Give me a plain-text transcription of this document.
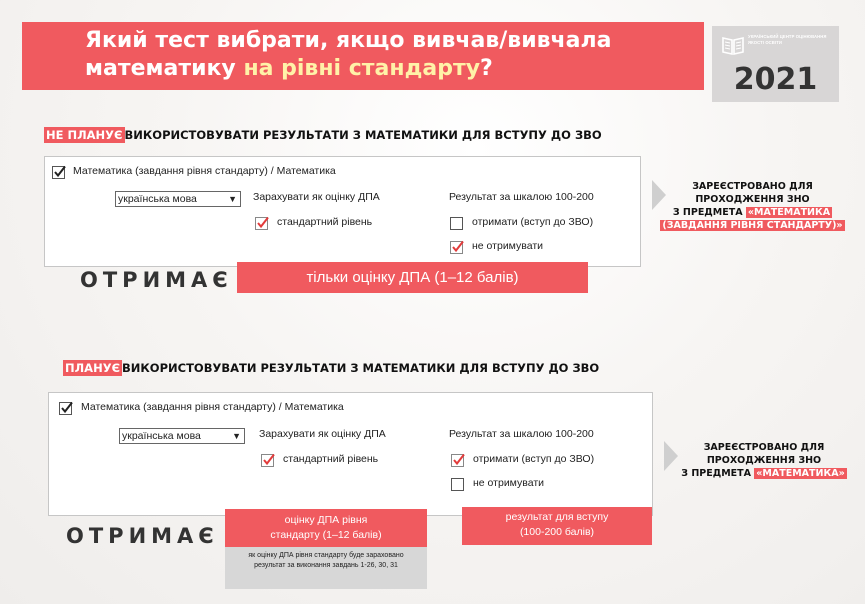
Який тест вибрати, якщо вивчав/вивчала
математику на рівні стандарту?
УКРАЇНСЬКИЙ ЦЕНТР ОЦІНЮВАННЯ ЯКОСТІ ОСВІТИ
2021
НЕ ПЛАНУЄ ВИКОРИСТОВУВАТИ РЕЗУЛЬТАТИ З МАТЕМАТИКИ ДЛЯ ВСТУПУ ДО ЗВО
Математика (завдання рівня стандарту) / Математика
українська мова	▼ Зарахувати як оцінку ДПА
стандартний рівень
Результат за шкалою 100-200
отримати (вступ до ЗВО)
не отримувати
ОТРИМАЄ	тільки оцінку ДПА (1–12 балів)
ЗАРЕЄСТРОВАНО ДЛЯ
ПРОХОДЖЕННЯ ЗНО
З ПРЕДМЕТА «МАТЕМАТИКА
(ЗАВДАННЯ РІВНЯ СТАНДАРТУ)»
ПЛАНУЄ ВИКОРИСТОВУВАТИ РЕЗУЛЬТАТИ З МАТЕМАТИКИ ДЛЯ ВСТУПУ ДО ЗВО
Математика (завдання рівня стандарту) / Математика
українська мова	▼ Зарахувати як оцінку ДПА
стандартний рівень
Результат за шкалою 100-200
отримати (вступ до ЗВО)
не отримувати
ОТРИМАЄ
оцінку ДПА рівня
стандарту (1–12 балів)
як оцінку ДПА рівня стандарту буде зараховано результат за виконання завдань 1-26, 30, 31
результат для вступу
(100-200 балів)
ЗАРЕЄСТРОВАНО ДЛЯ
ПРОХОДЖЕННЯ ЗНО
З ПРЕДМЕТА «МАТЕМАТИКА»
